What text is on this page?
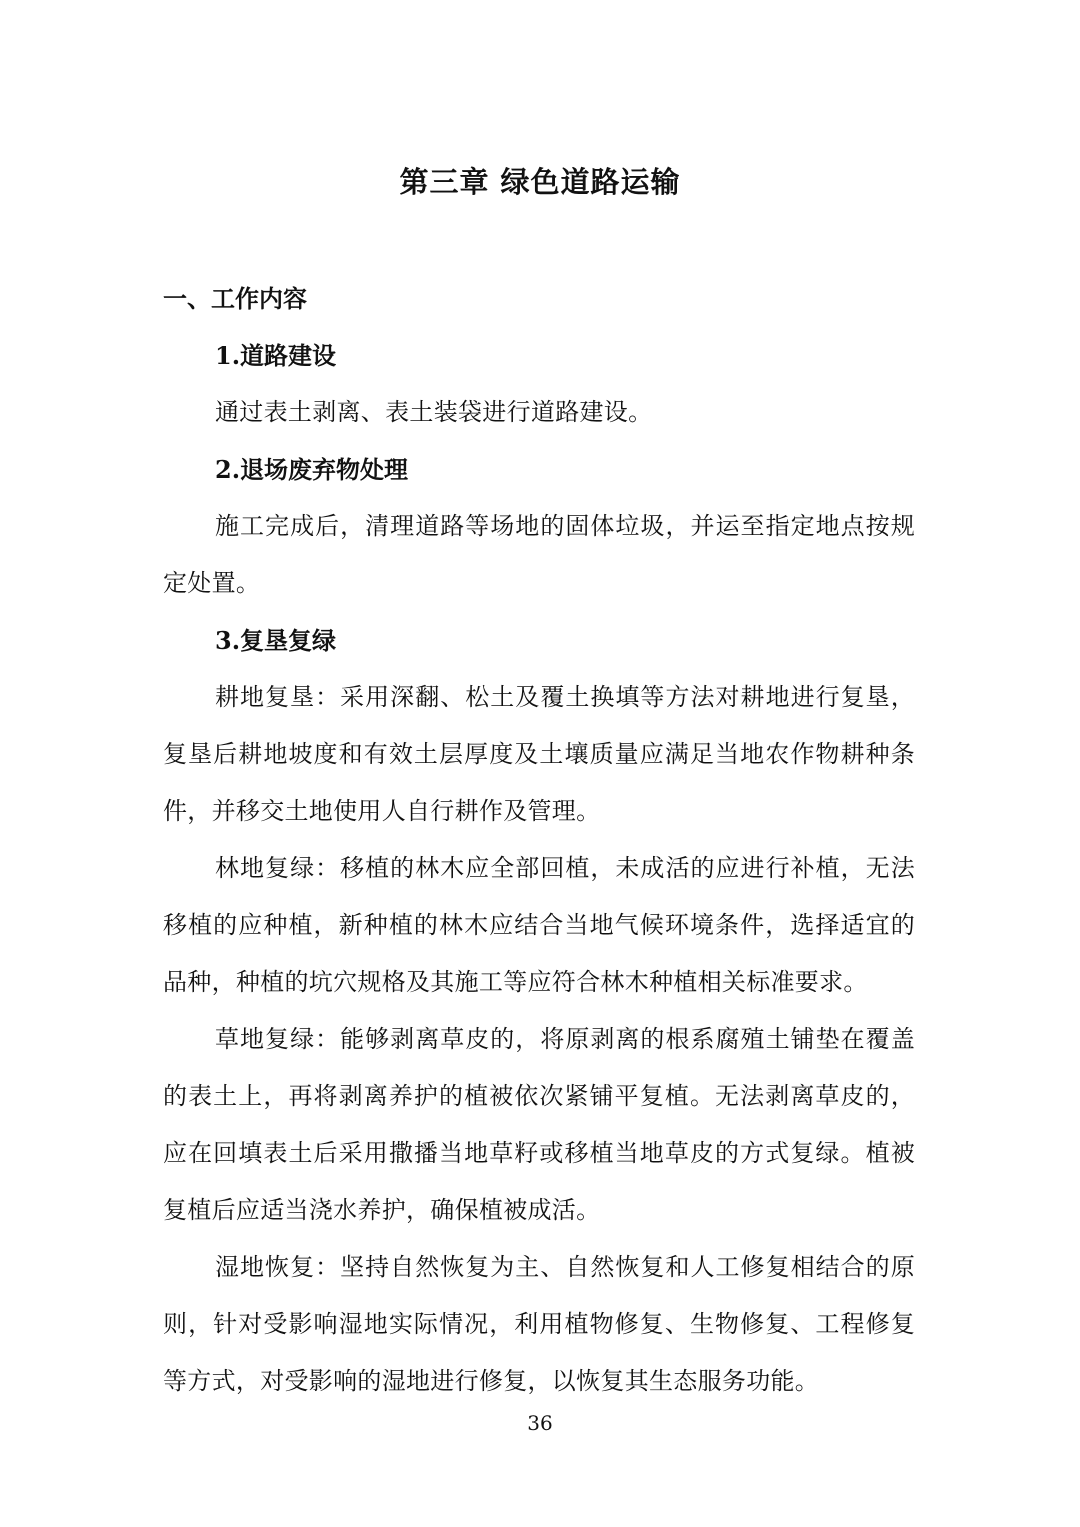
第三章 绿色道路运输

一、工作内容

1.道路建设

通过表土剥离、表土装袋进行道路建设。

2.退场废弃物处理

施工完成后，清理道路等场地的固体垃圾，并运至指定地点按规定处置。

3.复垦复绿

耕地复垦：采用深翻、松土及覆土换填等方法对耕地进行复垦，复垦后耕地坡度和有效土层厚度及土壤质量应满足当地农作物耕种条件，并移交土地使用人自行耕作及管理。

林地复绿：移植的林木应全部回植，未成活的应进行补植，无法移植的应种植，新种植的林木应结合当地气候环境条件，选择适宜的品种，种植的坑穴规格及其施工等应符合林木种植相关标准要求。

草地复绿：能够剥离草皮的，将原剥离的根系腐殖土铺垫在覆盖的表土上，再将剥离养护的植被依次紧铺平复植。无法剥离草皮的，应在回填表土后采用撒播当地草籽或移植当地草皮的方式复绿。植被复植后应适当浇水养护，确保植被成活。

湿地恢复：坚持自然恢复为主、自然恢复和人工修复相结合的原则，针对受影响湿地实际情况，利用植物修复、生物修复、工程修复等方式，对受影响的湿地进行修复，以恢复其生态服务功能。

36
